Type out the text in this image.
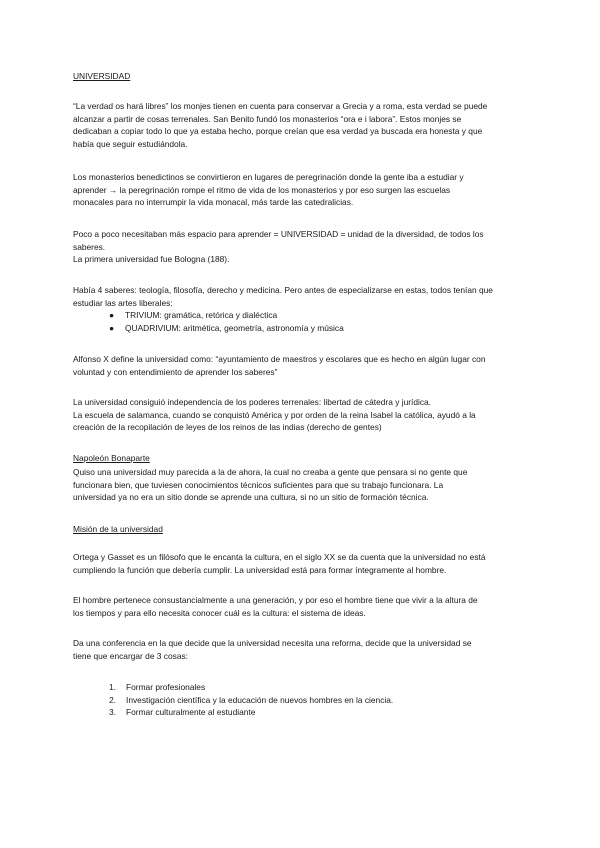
UNIVERSIDAD
“La verdad os hará libres” los monjes tienen en cuenta para conservar a Grecia y a roma, esta verdad se puede
alcanzar a partir de cosas terrenales. San Benito fundó los monasterios “ora e i labora”. Estos monjes se
dedicaban a copiar todo lo que ya estaba hecho, porque creían que esa verdad ya buscada era honesta y que
había que seguir estudiándola.
Los monasterios benedictinos se convirtieron en lugares de peregrinación donde la gente iba a estudiar y
aprender → la peregrinación rompe el ritmo de vida de los monasterios y por eso surgen las escuelas
monacales para no interrumpir la vida monacal, más tarde las catedralicias.
Poco a poco necesitaban más espacio para aprender = UNIVERSIDAD = unidad de la diversidad, de todos los
saberes.
La primera universidad fue Bologna (188).
Había 4 saberes: teología, filosofía, derecho y medicina. Pero antes de especializarse en estas, todos tenían que
estudiar las artes liberales:
● TRIVIUM: gramática, retórica y dialéctica
● QUADRIVIUM: aritmética, geometría, astronomía y música
Alfonso X define la universidad como: “ayuntamiento de maestros y escolares que es hecho en algún lugar con
voluntad y con entendimiento de aprender los saberes”
La universidad consiguió independencia de los poderes terrenales: libertad de cátedra y jurídica.
La escuela de salamanca, cuando se conquistó América y por orden de la reina Isabel la católica, ayudó a la
creación de la recopilación de leyes de los reinos de las indias (derecho de gentes)
Napoleón Bonaparte
Quiso una universidad muy parecida a la de ahora, la cual no creaba a gente que pensara si no gente que
funcionara bien, que tuviesen conocimientos técnicos suficientes para que su trabajo funcionara. La
universidad ya no era un sitio donde se aprende una cultura, si no un sitio de formación técnica.
Misión de la universidad
Ortega y Gasset es un filósofo que le encanta la cultura, en el siglo XX se da cuenta que la universidad no está
cumpliendo la función que debería cumplir. La universidad está para formar íntegramente al hombre.
El hombre pertenece consustancialmente a una generación, y por eso el hombre tiene que vivir a la altura de
los tiempos y para ello necesita conocer cuál es la cultura: el sistema de ideas.
Da una conferencia en la que decide que la universidad necesita una reforma, decide que la universidad se
tiene que encargar de 3 cosas:
1. Formar profesionales
2. Investigación científica y la educación de nuevos hombres en la ciencia.
3. Formar culturalmente al estudiante
